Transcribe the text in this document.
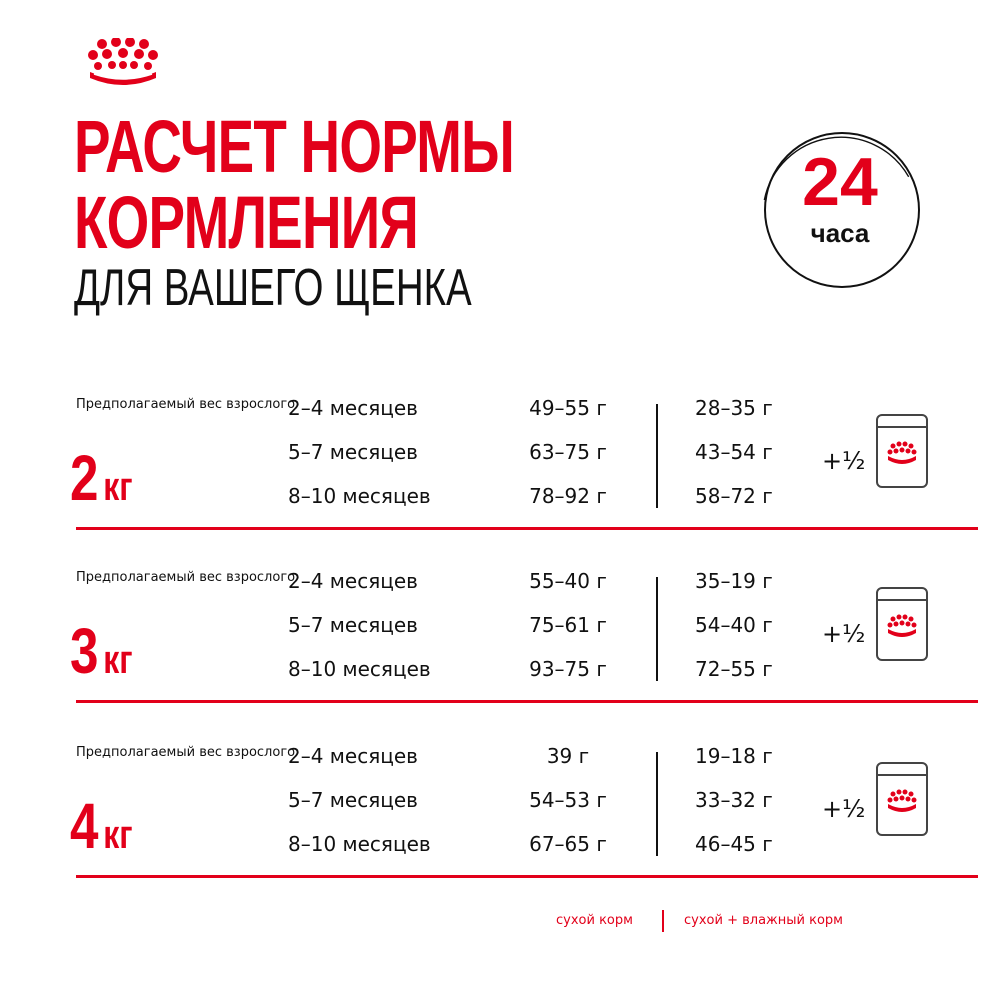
РАСЧЕТ НОРМЫ
КОРМЛЕНИЯ
ДЛЯ ВАШЕГО ЩЕНКА
24
часа
Предполагаемый вес взрослого
2 кг
2–4 месяцев
5–7 месяцев
8–10 месяцев
49–55 г
63–75 г
78–92 г
28–35 г
43–54 г
58–72 г
+½
Предполагаемый вес взрослого
3 кг
2–4 месяцев
5–7 месяцев
8–10 месяцев
55–40 г
75–61 г
93–75 г
35–19 г
54–40 г
72–55 г
+½
Предполагаемый вес взрослого
4 кг
2–4 месяцев
5–7 месяцев
8–10 месяцев
39 г
54–53 г
67–65 г
19–18 г
33–32 г
46–45 г
+½
сухой корм	сухой + влажный корм
